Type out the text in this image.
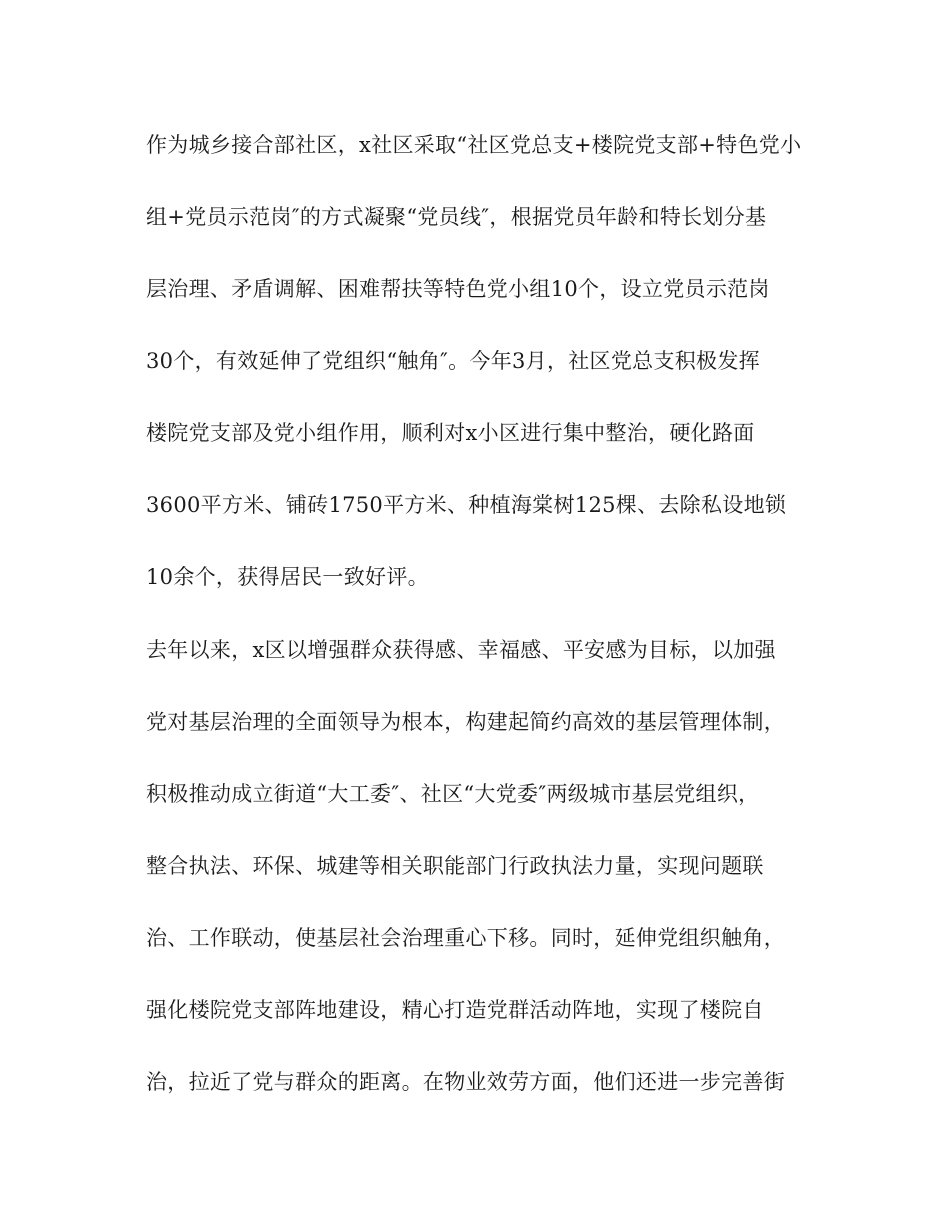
作为城乡接合部社区，x社区采取“社区党总支+楼院党支部+特色党小
组+党员示范岗″的方式凝聚“党员线″，根据党员年龄和特长划分基
层治理、矛盾调解、困难帮扶等特色党小组10个，设立党员示范岗
30个，有效延伸了党组织“触角″。今年3月，社区党总支积极发挥
楼院党支部及党小组作用，顺利对x小区进行集中整治，硬化路面
3600平方米、铺砖1750平方米、种植海棠树125棵、去除私设地锁
10余个，获得居民一致好评。
去年以来，x区以增强群众获得感、幸福感、平安感为目标，以加强
党对基层治理的全面领导为根本，构建起简约高效的基层管理体制，
积极推动成立街道“大工委″、社区“大党委″两级城市基层党组织，
整合执法、环保、城建等相关职能部门行政执法力量，实现问题联
治、工作联动，使基层社会治理重心下移。同时，延伸党组织触角，
强化楼院党支部阵地建设，精心打造党群活动阵地，实现了楼院自
治，拉近了党与群众的距离。在物业效劳方面，他们还进一步完善街
